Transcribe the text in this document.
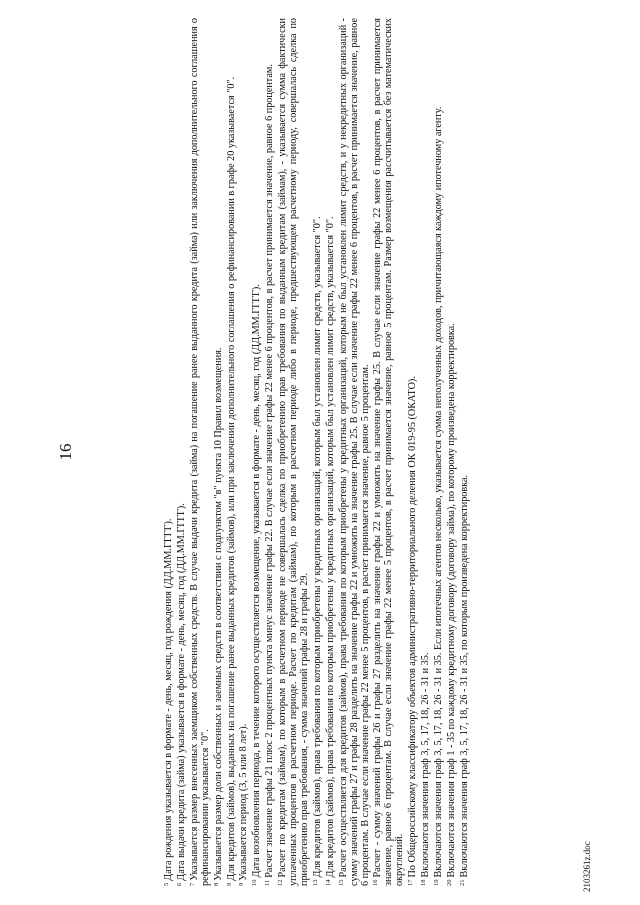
16
$^5$Дата рождения указывается в формате - день, месяц, год рождения (ДД.ММ.ГГГГ).
$^6$Дата выдачи кредита (займа) указывается в формате - день, месяц, год (ДД.ММ.ГГГГ).
$^7$Указывается размер внесенных заемщиком собственных средств. В случае выдачи кредита (займа) на погашение ранее выданного кредита (займа) или заключения дополнительного соглашения о рефинансировании указывается "0". $^8$Указывается размер доли собственных и заемных средств в соответствии с подпунктом "в" пункта 10 Правил возмещения.
$^9$Для кредитов (займов), выданных на погашение ранее выданных кредитов (займов), или при заключении дополнительного соглашения о рефинансировании в графе 20 указывается "0".
$^9$Указывается период (3, 5 или 8 лет).
$^{10}$Дата возобновления периода, в течение которого осуществляется возмещение, указывается в формате - день, месяц, год (ДД.ММ.ГГГГ).
$^{11}$Расчет значение графы 21 плюс 2 процентных пункта минус значение графы 22. В случае если значение графы 22 менее 6 процентов, в расчет принимается значение, равное 6 процентам.
$^{12}$Расчет по кредитам (займам), по которым в расчетном периоде не совершалась сделка по приобретению прав требования по выданным кредитам (займам), - указывается сумма фактически уплаченных процентов в расчетном периоде. Расчет по кредитам (займам), по которым в расчетном периоде либо в периоде, предшествующем расчетному периоду, совершалась сделка по приобретению прав требования, - сумма значений графы 28 и графы 29. $^{13}$Для кредитов (займов), права требования по которым приобретены у кредитных организаций, которым был установлен лимит средств, указывается "0".
$^{14}$Для кредитов (займов), права требования по которым приобретены у кредитных организаций, которым был установлен лимит средств, указывается "0".
$^{15}$Расчет осуществляется для кредитов (займов), права требования по которым приобретены у кредитных организаций, которым не был установлен лимит средств, и у некредитных организаций - сумму значений графы 27 и графы 28 разделить на значение графы 22 и умножить на значение графы 25. В случае если значение графы 22 менее 6 процентов, в расчет принимается значение, равное 6 процентам. В случае если значение графы 22 менее 5 процентов, в расчет принимается значение, равное 5 процентам. $^{16}$Расчет - сумму значений графы 26 и графы 27 разделить на значение графы 22 и умножить на значение графы 25. В случае если значение графы 22 менее 6 процентов, в расчет принимается значение, равное 6 процентам. В случае если значение графы 22 менее 5 процентов, в расчет принимается значение, равное 5 процентам. Размер возмещения рассчитывается без математических округлений. $^{17}$По Общероссийскому классификатору объектов административно-территориального деления ОК 019-95 (ОКАТО).
$^{18}$Включаются значения граф 3, 5, 17, 18, 26 - 31 и 35.
$^{19}$Включаются значения граф 3, 5, 17, 18, 26 - 31 и 35. Если ипотечных агентов несколько, указывается сумма неполученных доходов, причитающаяся каждому ипотечному агенту.
$^{20}$Включаются значения граф 1 - 35 по каждому кредитному договору (договору займа), по которому произведена корректировка.
$^{21}$Включаются значения граф 3, 5, 17, 18, 26 - 31 и 35, по которым произведена корректировка.	2103261z.doc
